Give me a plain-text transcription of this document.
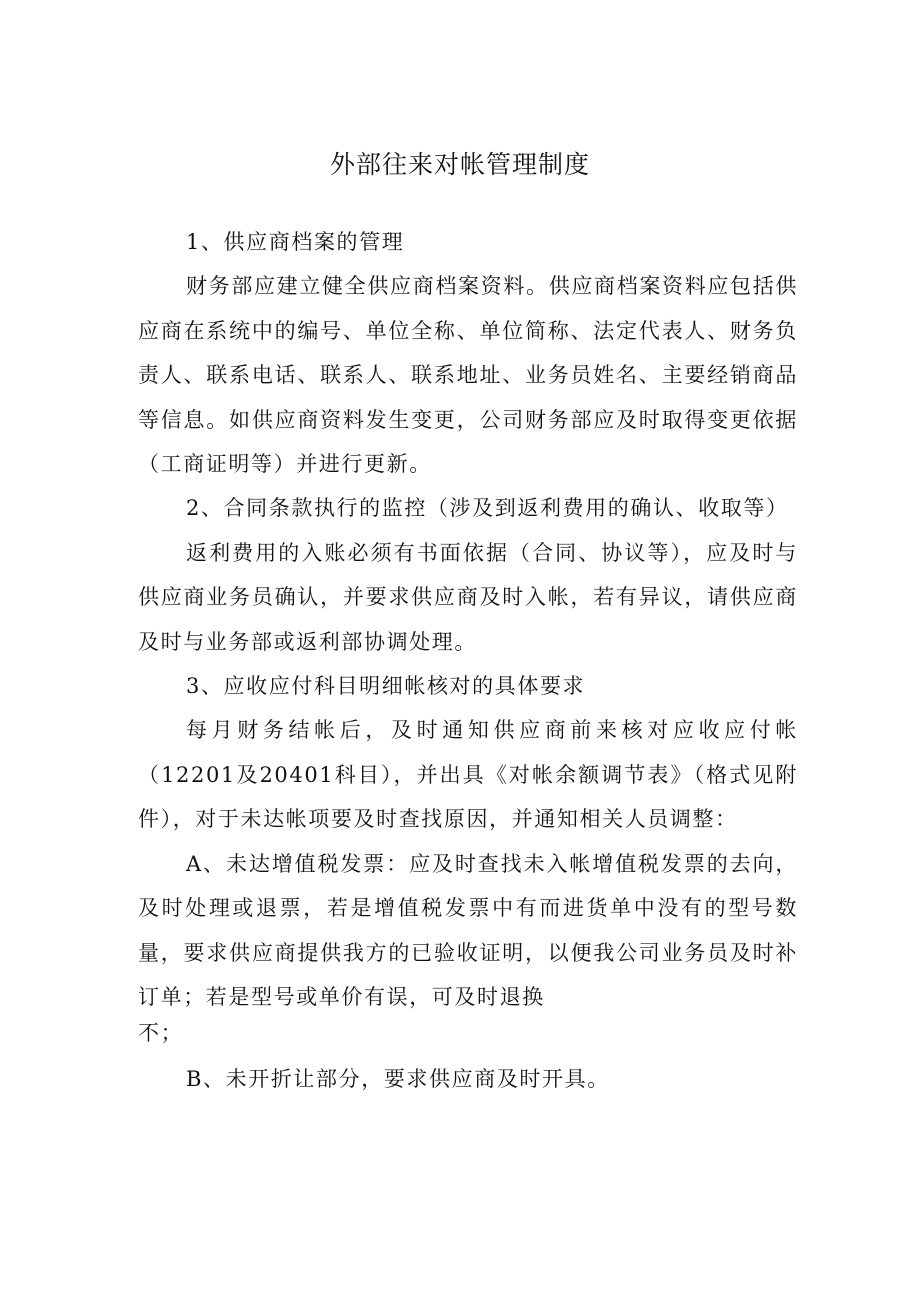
外部往来对帐管理制度

1、供应商档案的管理

财务部应建立健全供应商档案资料。供应商档案资料应包括供应商在系统中的编号、单位全称、单位简称、法定代表人、财务负责人、联系电话、联系人、联系地址、业务员姓名、主要经销商品等信息。如供应商资料发生变更，公司财务部应及时取得变更依据（工商证明等）并进行更新。

2、合同条款执行的监控（涉及到返利费用的确认、收取等）

返利费用的入账必须有书面依据（合同、协议等），应及时与供应商业务员确认，并要求供应商及时入帐，若有异议，请供应商及时与业务部或返利部协调处理。

3、应收应付科目明细帐核对的具体要求

每月财务结帐后，及时通知供应商前来核对应收应付帐（12201及20401科目），并出具《对帐余额调节表》（格式见附件），对于未达帐项要及时查找原因，并通知相关人员调整：

A、未达增值税发票：应及时查找未入帐增值税发票的去向，及时处理或退票，若是增值税发票中有而进货单中没有的型号数量，要求供应商提供我方的已验收证明，以便我公司业务员及时补订单；若是型号或单价有误，可及时退换

不；

B、未开折让部分，要求供应商及时开具。
